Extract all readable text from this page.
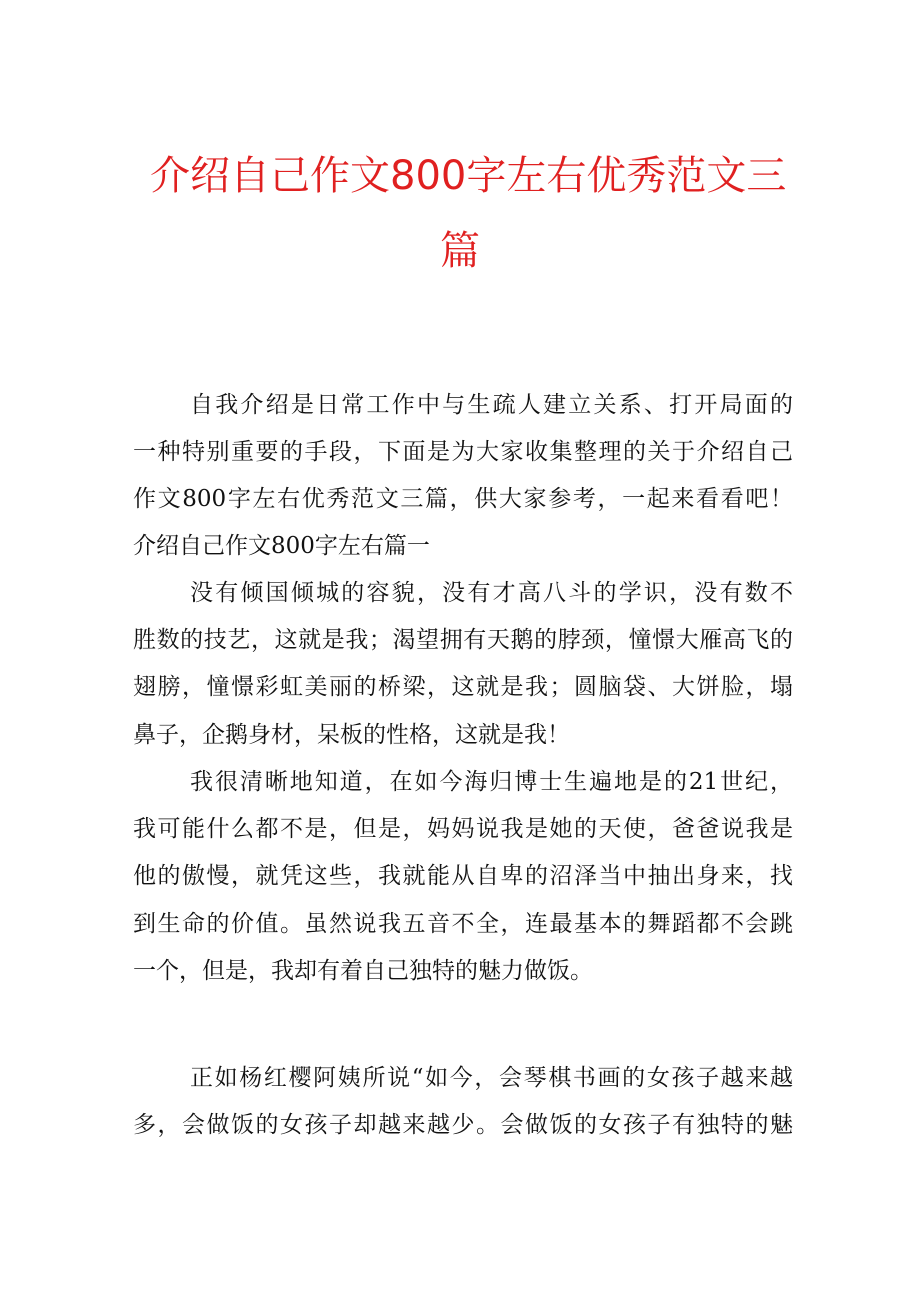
介绍自己作文800字左右优秀范文三
篇
自我介绍是日常工作中与生疏人建立关系、打开局面的
一种特别重要的手段，下面是为大家收集整理的关于介绍自己
作文800字左右优秀范文三篇，供大家参考，一起来看看吧！
介绍自己作文800字左右篇一
没有倾国倾城的容貌，没有才高八斗的学识，没有数不
胜数的技艺，这就是我；渴望拥有天鹅的脖颈，憧憬大雁高飞的
翅膀，憧憬彩虹美丽的桥梁，这就是我；圆脑袋、大饼脸，塌
鼻子，企鹅身材，呆板的性格，这就是我！
我很清晰地知道，在如今海归博士生遍地是的21世纪，
我可能什么都不是，但是，妈妈说我是她的天使，爸爸说我是
他的傲慢，就凭这些，我就能从自卑的沼泽当中抽出身来，找
到生命的价值。虽然说我五音不全，连最基本的舞蹈都不会跳
一个，但是，我却有着自己独特的魅力做饭。
正如杨红樱阿姨所说“如今，会琴棋书画的女孩子越来越
多，会做饭的女孩子却越来越少。会做饭的女孩子有独特的魅
